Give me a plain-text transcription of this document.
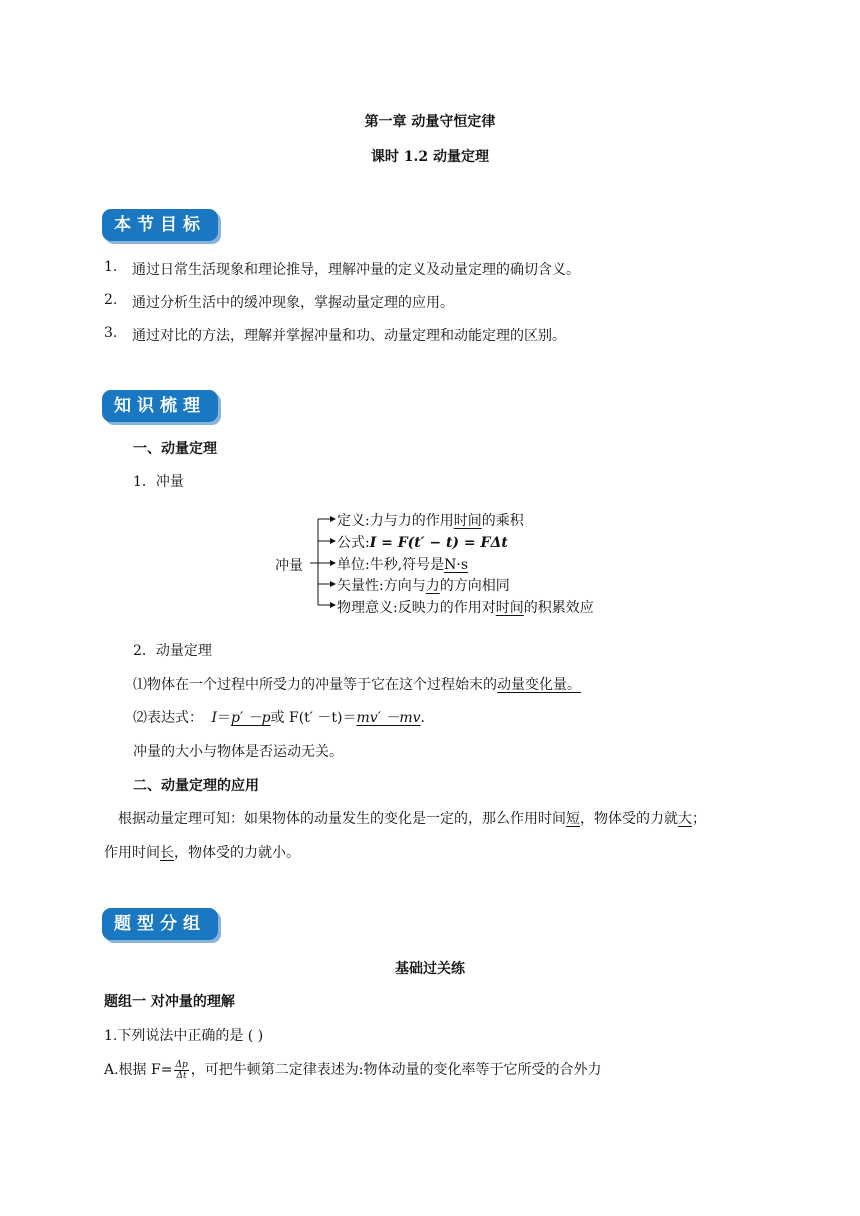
第一章 动量守恒定律
课时 1.2 动量定理
本节目标
1. 通过日常生活现象和理论推导，理解冲量的定义及动量定理的确切含义。
2. 通过分析生活中的缓冲现象，掌握动量定理的应用。
3. 通过对比的方法，理解并掌握冲量和功、动量定理和动能定理的区别。
知识梳理
一、动量定理
1．冲量
冲量
定义:力与力的作用时间的乘积
公式:I = F(t′ − t) = FΔt
单位:牛秒,符号是N·s
矢量性:方向与力的方向相同
物理意义:反映力的作用对时间的积累效应
2．动量定理
⑴物体在一个过程中所受力的冲量等于它在这个过程始末的动量变化量。
⑵表达式： I＝p′ －p或 F(t′ －t)＝mv′ －mv.
冲量的大小与物体是否运动无关。
二、动量定理的应用
根据动量定理可知：如果物体的动量发生的变化是一定的，那么作用时间短，物体受的力就大；
作用时间长，物体受的力就小。
题型分组
基础过关练
题组一 对冲量的理解
1.下列说法中正确的是 ( )
A.根据 $F= \frac{\Delta p}{\Delta t}$ ，可把牛顿第二定律表述为:物体动量的变化率等于它所受的合外力
